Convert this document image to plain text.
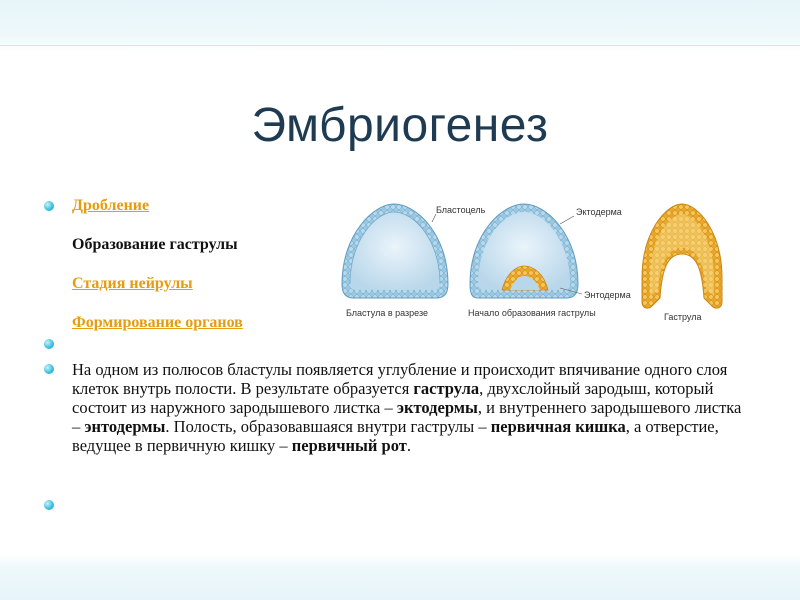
Эмбриогенез
Дробление
Образование гаструлы
Стадия нейрулы
Формирование органов
Бластоцель	Эктодерма
Энтодерма
Бластула в разрезе	Начало образования гаструлы	Гаструла
На одном из полюсов бластулы появляется углубление и происходит впячивание одного слоя клеток внутрь полости. В результате образуется гаструла, двухслойный зародыш, который состоит из наружного зародышевого листка – эктодермы, и внутреннего зародышевого листка – энтодермы. Полость, образовавшаяся внутри гаструлы – первичная кишка, а отверстие, ведущее в первичную кишку – первичный рот.
